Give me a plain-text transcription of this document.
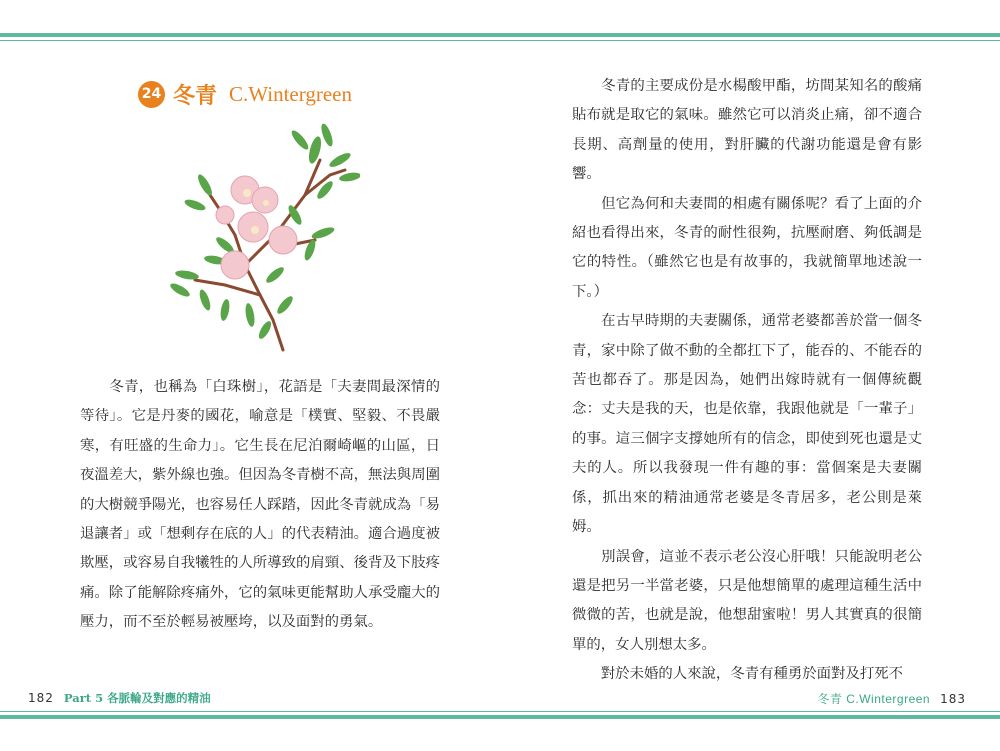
24 冬青 C.Wintergreen

　　冬青，也稱為「白珠樹」，花語是「夫妻間最深情的等待」。它是丹麥的國花，喻意是「樸實、堅毅、不畏嚴寒，有旺盛的生命力」。它生長在尼泊爾崎嶇的山區，日夜溫差大，紫外線也強。但因為冬青樹不高，無法與周圍的大樹競爭陽光，也容易任人踩踏，因此冬青就成為「易退讓者」或「想剩存在底的人」的代表精油。適合過度被欺壓，或容易自我犧牲的人所導致的肩頸、後背及下肢疼痛。除了能解除疼痛外，它的氣味更能幫助人承受龐大的壓力，而不至於輕易被壓垮，以及面對的勇氣。

　　冬青的主要成份是水楊酸甲酯，坊間某知名的酸痛貼布就是取它的氣味。雖然它可以消炎止痛，卻不適合長期、高劑量的使用，對肝臟的代謝功能還是會有影響。

　　但它為何和夫妻間的相處有關係呢？看了上面的介紹也看得出來，冬青的耐性很夠，抗壓耐磨、夠低調是它的特性。（雖然它也是有故事的，我就簡單地述說一下。）

　　在古早時期的夫妻關係，通常老婆都善於當一個冬青，家中除了做不動的全都扛下了，能吞的、不能吞的苦也都吞了。那是因為，她們出嫁時就有一個傳統觀念：丈夫是我的天，也是依靠，我跟他就是「一輩子」的事。這三個字支撐她所有的信念，即使到死也還是丈夫的人。所以我發現一件有趣的事：當個案是夫妻關係，抓出來的精油通常老婆是冬青居多，老公則是萊姆。

　　別誤會，這並不表示老公沒心肝哦！只能說明老公還是把另一半當老婆，只是他想簡單的處理這種生活中微微的苦，也就是說，他想甜蜜啦！男人其實真的很簡單的，女人別想太多。

　　對於未婚的人來說，冬青有種勇於面對及打死不

182 Part 5 各脈輪及對應的精油	冬青 C.Wintergreen 183
